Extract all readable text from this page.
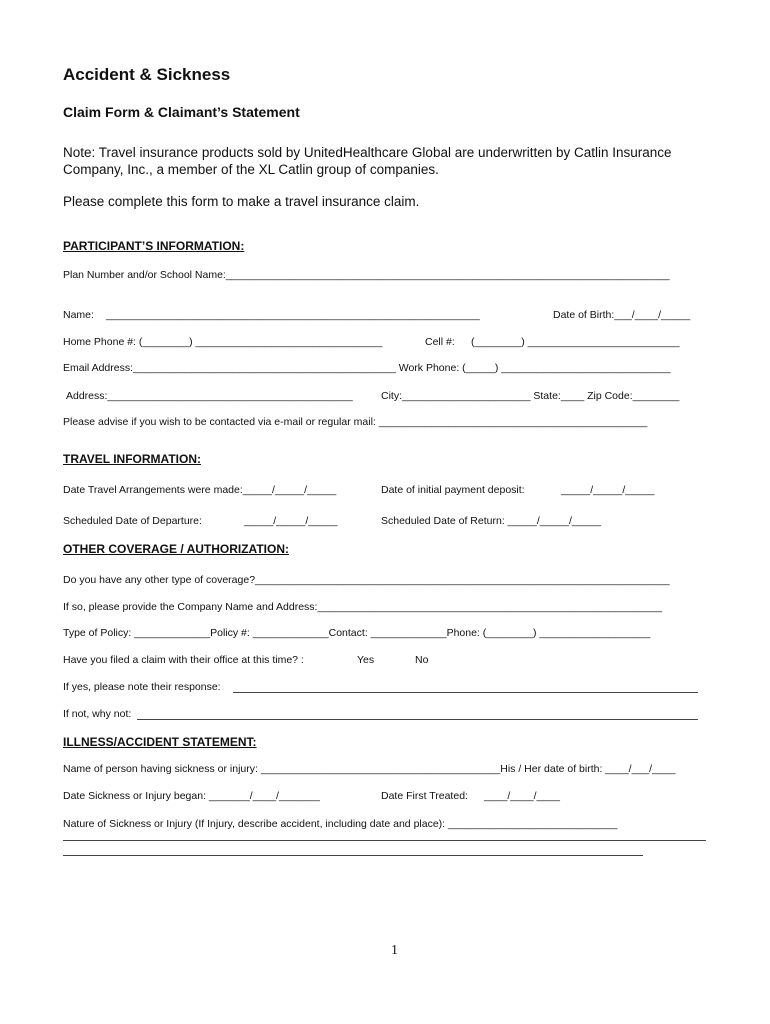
Accident & Sickness
Claim Form & Claimant’s Statement
Note: Travel insurance products sold by UnitedHealthcare Global are underwritten by Catlin Insurance
Company, Inc., a member of the XL Catlin group of companies.
Please complete this form to make a travel insurance claim.
PARTICIPANT’S INFORMATION:
Plan Number and/or School Name:____________________________________________________________________________
Name: ________________________________________________________________	Date of Birth:___/____/_____
Home Phone #: (________) ________________________________	Cell #: (________) __________________________
Email Address:_____________________________________________ Work Phone: (_____) _____________________________
Address:__________________________________________	City:______________________ State:____ Zip Code:________
Please advise if you wish to be contacted via e-mail or regular mail: ______________________________________________
TRAVEL INFORMATION:
Date Travel Arrangements were made:_____/_____/_____	Date of initial payment deposit:	_____/_____/_____
Scheduled Date of Departure:	_____/_____/_____	Scheduled Date of Return: _____/_____/_____
OTHER COVERAGE / AUTHORIZATION:
Do you have any other type of coverage?_______________________________________________________________________
If so, please provide the Company Name and Address:___________________________________________________________
Type of Policy: _____________Policy #: _____________Contact: _____________Phone: (________) ___________________
Have you filed a claim with their office at this time? :	Yes	No
If yes, please note their response:
If not, why not:
ILLNESS/ACCIDENT STATEMENT:
Name of person having sickness or injury: _________________________________________His / Her date of birth: ____/___/____
Date Sickness or Injury began: _______/____/_______	Date First Treated: ____/____/____
Nature of Sickness or Injury (If Injury, describe accident, including date and place): _____________________________
1
